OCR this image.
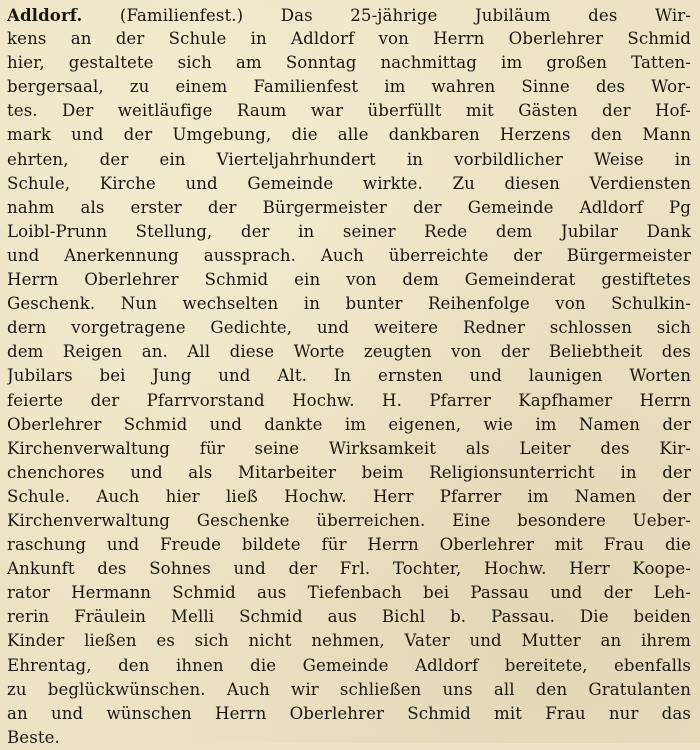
Adldorf. (Familienfest.) Das 25-jährige Jubiläum des Wir-
kens an der Schule in Adldorf von Herrn Oberlehrer Schmid
hier, gestaltete sich am Sonntag nachmittag im großen Tatten-
bergersaal, zu einem Familienfest im wahren Sinne des Wor-
tes. Der weitläufige Raum war überfüllt mit Gästen der Hof-
mark und der Umgebung, die alle dankbaren Herzens den Mann
ehrten, der ein Vierteljahrhundert in vorbildlicher Weise in
Schule, Kirche und Gemeinde wirkte. Zu diesen Verdiensten
nahm als erster der Bürgermeister der Gemeinde Adldorf Pg
Loibl-Prunn Stellung, der in seiner Rede dem Jubilar Dank
und Anerkennung aussprach. Auch überreichte der Bürgermeister
Herrn Oberlehrer Schmid ein von dem Gemeinderat gestiftetes
Geschenk. Nun wechselten in bunter Reihenfolge von Schulkin-
dern vorgetragene Gedichte, und weitere Redner schlossen sich
dem Reigen an. All diese Worte zeugten von der Beliebtheit des
Jubilars bei Jung und Alt. In ernsten und launigen Worten
feierte der Pfarrvorstand Hochw. H. Pfarrer Kapfhamer Herrn
Oberlehrer Schmid und dankte im eigenen, wie im Namen der
Kirchenverwaltung für seine Wirksamkeit als Leiter des Kir-
chenchores und als Mitarbeiter beim Religionsunterricht in der
Schule. Auch hier ließ Hochw. Herr Pfarrer im Namen der
Kirchenverwaltung Geschenke überreichen. Eine besondere Ueber-
raschung und Freude bildete für Herrn Oberlehrer mit Frau die
Ankunft des Sohnes und der Frl. Tochter, Hochw. Herr Koope-
rator Hermann Schmid aus Tiefenbach bei Passau und der Leh-
rerin Fräulein Melli Schmid aus Bichl b. Passau. Die beiden
Kinder ließen es sich nicht nehmen, Vater und Mutter an ihrem
Ehrentag, den ihnen die Gemeinde Adldorf bereitete, ebenfalls
zu beglückwünschen. Auch wir schließen uns all den Gratulanten
an und wünschen Herrn Oberlehrer Schmid mit Frau nur das
Beste.
